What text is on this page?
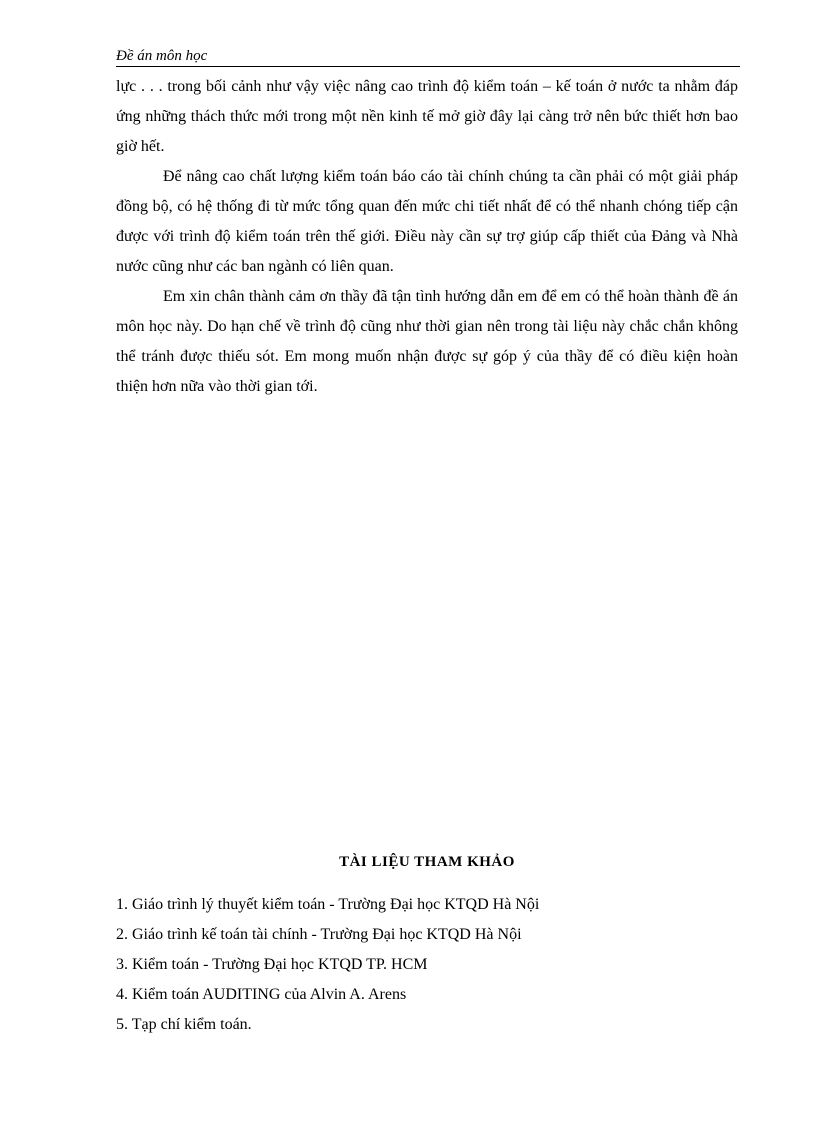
Đề án môn học

lực . . . trong bối cảnh như vậy việc nâng cao trình độ kiểm toán – kế toán ở nước ta nhằm đáp ứng những thách thức mới trong một nền kinh tế mở giờ đây lại càng trở nên bức thiết hơn bao giờ hết.

Để nâng cao chất lượng kiểm toán báo cáo tài chính chúng ta cần phải có một giải pháp đồng bộ, có hệ thống đi từ mức tổng quan đến mức chi tiết nhất để có thể nhanh chóng tiếp cận được với trình độ kiểm toán trên thế giới. Điều này cần sự trợ giúp cấp thiết của Đảng và Nhà nước cũng như các ban ngành có liên quan.

Em xin chân thành cảm ơn thầy đã tận tình hướng dẫn em để em có thể hoàn thành đề án môn học này. Do hạn chế về trình độ cũng như thời gian nên trong tài liệu này chắc chắn không thể tránh được thiếu sót. Em mong muốn nhận được sự góp ý của thầy để có điều kiện hoàn thiện hơn nữa vào thời gian tới.

TÀI LIỆU THAM KHẢO
1. Giáo trình lý thuyết kiểm toán - Trường Đại học KTQD Hà Nội
2. Giáo trình kế toán tài chính - Trường Đại học KTQD Hà Nội
3. Kiểm toán - Trường Đại học KTQD TP. HCM
4. Kiểm toán AUDITING của Alvin A. Arens
5. Tạp chí kiểm toán.
